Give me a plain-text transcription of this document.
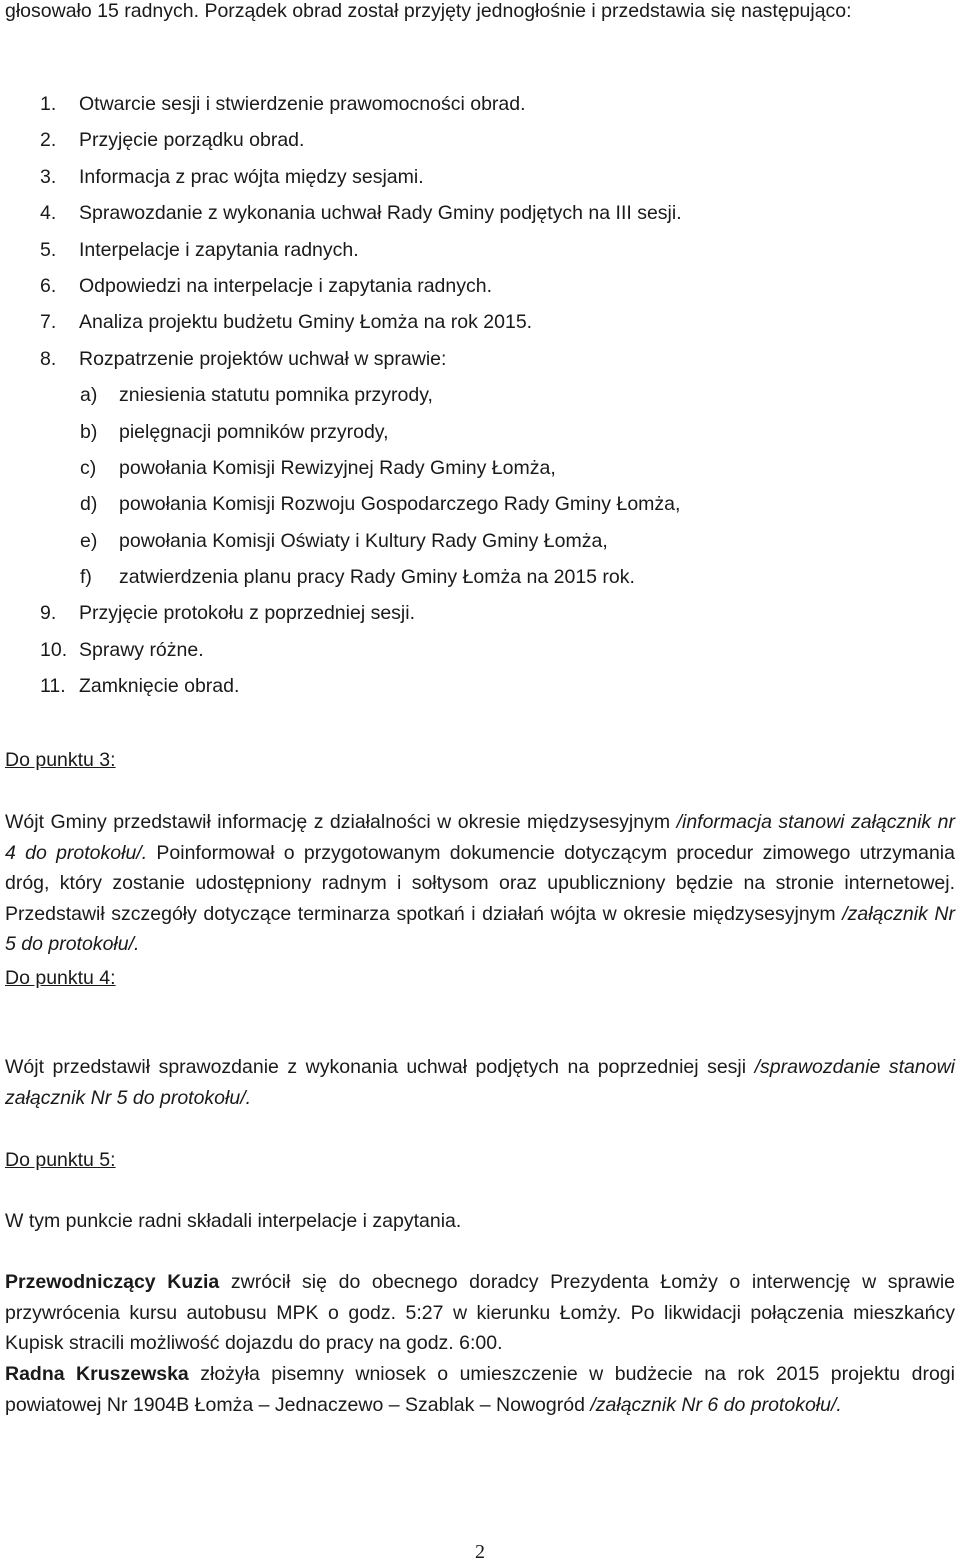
głosowało 15 radnych. Porządek obrad został przyjęty jednogłośnie i przedstawia się następująco:
1. Otwarcie sesji i stwierdzenie prawomocności obrad.
2. Przyjęcie porządku obrad.
3. Informacja z prac wójta między sesjami.
4. Sprawozdanie z wykonania uchwał Rady Gminy podjętych na III sesji.
5. Interpelacje i zapytania radnych.
6. Odpowiedzi na interpelacje i zapytania radnych.
7. Analiza projektu budżetu Gminy Łomża na rok 2015.
8. Rozpatrzenie projektów uchwał w sprawie:
a) zniesienia statutu pomnika przyrody,
b) pielęgnacji pomników przyrody,
c) powołania Komisji Rewizyjnej Rady Gminy Łomża,
d) powołania Komisji Rozwoju Gospodarczego Rady Gminy Łomża,
e) powołania Komisji Oświaty i Kultury Rady Gminy Łomża,
f) zatwierdzenia planu pracy Rady Gminy Łomża na 2015 rok.
9. Przyjęcie protokołu z poprzedniej sesji.
10. Sprawy różne.
11. Zamknięcie obrad.
Do punktu 3:
Wójt Gminy przedstawił informację z działalności w okresie międzysesyjnym /informacja stanowi załącznik nr 4 do protokołu/. Poinformował o przygotowanym dokumencie dotyczącym procedur zimowego utrzymania dróg, który zostanie udostępniony radnym i sołtysom oraz upubliczniony będzie na stronie internetowej. Przedstawił szczegóły dotyczące terminarza spotkań i działań wójta w okresie międzysesyjnym /załącznik Nr 5 do protokołu/.
Do punktu 4:
Wójt przedstawił sprawozdanie z wykonania uchwał podjętych na poprzedniej sesji /sprawozdanie stanowi załącznik Nr 5 do protokołu/.
Do punktu 5:
W tym punkcie radni składali interpelacje i zapytania.
Przewodniczący Kuzia zwrócił się do obecnego doradcy Prezydenta Łomży o interwencję w sprawie przywrócenia kursu autobusu MPK o godz. 5:27 w kierunku Łomży. Po likwidacji połączenia mieszkańcy Kupisk stracili możliwość dojazdu do pracy na godz. 6:00.
Radna Kruszewska złożyła pisemny wniosek o umieszczenie w budżecie na rok 2015 projektu drogi powiatowej Nr 1904B Łomża – Jednaczewo – Szablak – Nowogród /załącznik Nr 6 do protokołu/.
2
